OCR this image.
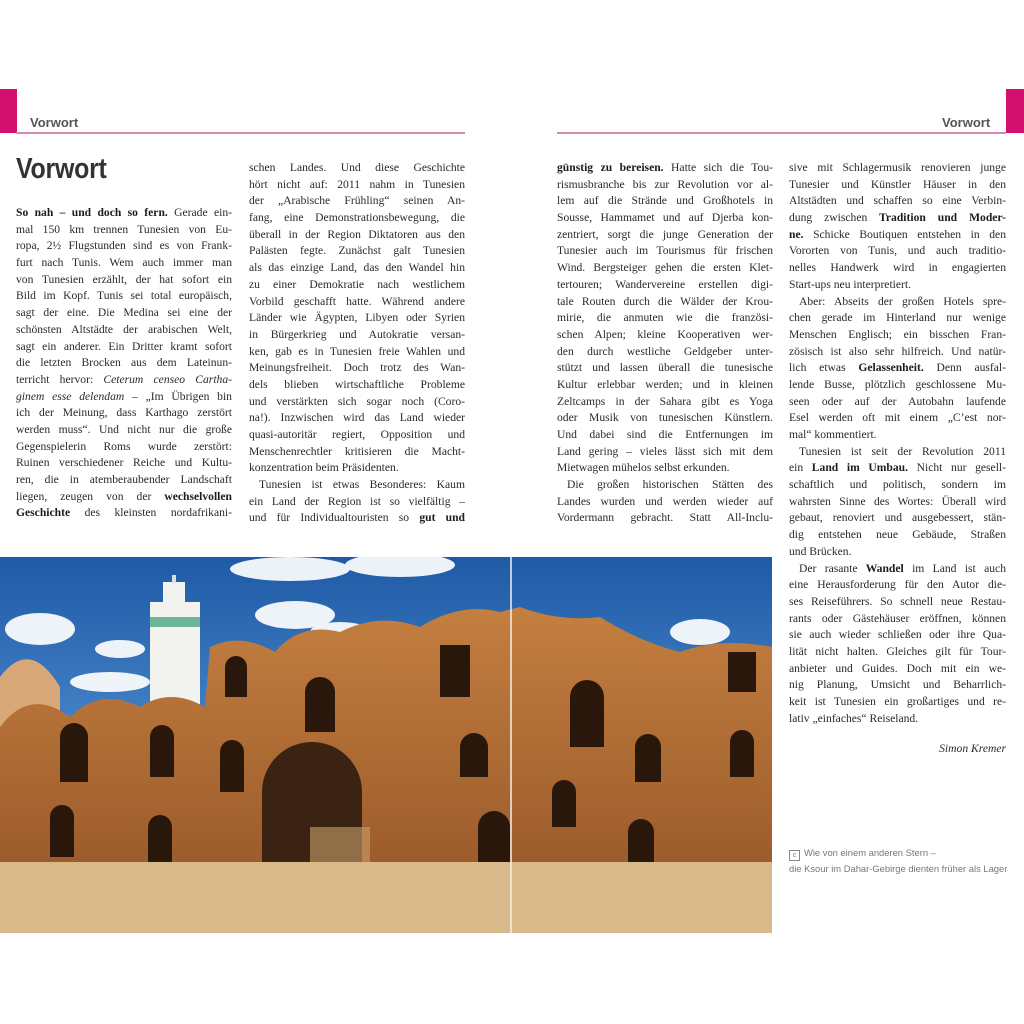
Vorwort	Vorwort
Vorwort
So nah – und doch so fern. Gerade ein-
mal 150 km trennen Tunesien von Eu-
ropa, 2½ Flugstunden sind es von Frank-
furt nach Tunis. Wem auch immer man
von Tunesien erzählt, der hat sofort ein
Bild im Kopf. Tunis sei total europäisch,
sagt der eine. Die Medina sei eine der
schönsten Altstädte der arabischen Welt,
sagt ein anderer. Ein Dritter kramt sofort
die letzten Brocken aus dem Lateinun-
terricht hervor: Ceterum censeo Cartha-
ginem esse delendam – „Im Übrigen bin
ich der Meinung, dass Karthago zerstört
werden muss“. Und nicht nur die große
Gegenspielerin Roms wurde zerstört:
Ruinen verschiedener Reiche und Kultu-
ren, die in atemberaubender Landschaft
liegen, zeugen von der wechselvollen
Geschichte des kleinsten nordafrikani-
schen Landes. Und diese Geschichte
hört nicht auf: 2011 nahm in Tunesien
der „Arabische Frühling“ seinen An-
fang, eine Demonstrationsbewegung, die
überall in der Region Diktatoren aus den
Palästen fegte. Zunächst galt Tunesien
als das einzige Land, das den Wandel hin
zu einer Demokratie nach westlichem
Vorbild geschafft hatte. Während andere
Länder wie Ägypten, Libyen oder Syrien
in Bürgerkrieg und Autokratie versan-
ken, gab es in Tunesien freie Wahlen und
Meinungsfreiheit. Doch trotz des Wan-
dels blieben wirtschaftliche Probleme
und verstärkten sich sogar noch (Coro-
na!). Inzwischen wird das Land wieder
quasi-autoritär regiert, Opposition und
Menschenrechtler kritisieren die Macht-
konzentration beim Präsidenten.
Tunesien ist etwas Besonderes: Kaum
ein Land der Region ist so vielfältig –
und für Individualtouristen so gut und
günstig zu bereisen. Hatte sich die Tou-
rismusbranche bis zur Revolution vor al-
lem auf die Strände und Großhotels in
Sousse, Hammamet und auf Djerba kon-
zentriert, sorgt die junge Generation der
Tunesier auch im Tourismus für frischen
Wind. Bergsteiger gehen die ersten Klet-
tertouren; Wandervereine erstellen digi-
tale Routen durch die Wälder der Krou-
mirie, die anmuten wie die französi-
schen Alpen; kleine Kooperativen wer-
den durch westliche Geldgeber unter-
stützt und lassen überall die tunesische
Kultur erlebbar werden; und in kleinen
Zeltcamps in der Sahara gibt es Yoga
oder Musik von tunesischen Künstlern.
Und dabei sind die Entfernungen im
Land gering – vieles lässt sich mit dem
Mietwagen mühelos selbst erkunden.
Die großen historischen Stätten des
Landes wurden und werden wieder auf
Vordermann gebracht. Statt All-Inclu-
sive mit Schlagermusik renovieren junge
Tunesier und Künstler Häuser in den
Altstädten und schaffen so eine Verbin-
dung zwischen Tradition und Moder-
ne. Schicke Boutiquen entstehen in den
Vororten von Tunis, und auch traditio-
nelles Handwerk wird in engagierten
Start-ups neu interpretiert.
Aber: Abseits der großen Hotels spre-
chen gerade im Hinterland nur wenige
Menschen Englisch; ein bisschen Fran-
zösisch ist also sehr hilfreich. Und natür-
lich etwas Gelassenheit. Denn ausfal-
lende Busse, plötzlich geschlossene Mu-
seen oder auf der Autobahn laufende
Esel werden oft mit einem „C’est nor-
mal“ kommentiert.
Tunesien ist seit der Revolution 2011
ein Land im Umbau. Nicht nur gesell-
schaftlich und politisch, sondern im
wahrsten Sinne des Wortes: Überall wird
gebaut, renoviert und ausgebessert, stän-
dig entstehen neue Gebäude, Straßen
und Brücken.
Der rasante Wandel im Land ist auch
eine Herausforderung für den Autor die-
ses Reiseführers. So schnell neue Restau-
rants oder Gästehäuser eröffnen, können
sie auch wieder schließen oder ihre Qua-
lität nicht halten. Gleiches gilt für Tour-
anbieter und Guides. Doch mit ein we-
nig Planung, Umsicht und Beharrlich-
keit ist Tunesien ein großartiges und re-
lativ „einfaches“ Reiseland.
Simon Kremer
c Wie von einem anderen Stern –
die Ksour im Dahar-Gebirge dienten früher als Lager
